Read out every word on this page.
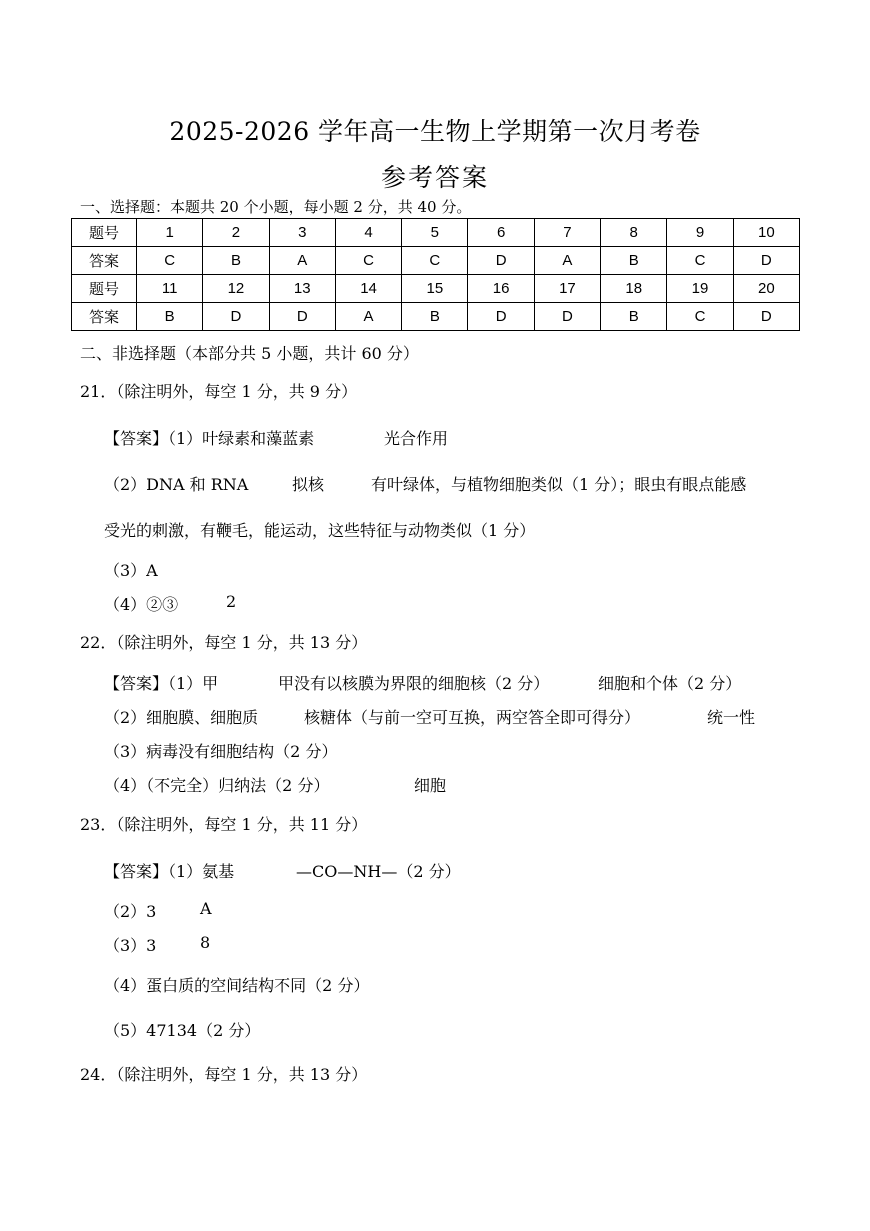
2025-2026 学年高一生物上学期第一次月考卷
参考答案
一、选择题：本题共 20 个小题，每小题 2 分，共 40 分。
题号	1	2	3	4	5	6	7	8	9	10
答案	C	B	A	C	C	D	A	B	C	D
题号	11	12	13	14	15	16	17	18	19	20
答案	B	D	D	A	B	D	D	B	C	D
二、非选择题（本部分共 5 小题，共计 60 分）
21．（除注明外，每空 1 分，共 9 分）
【答案】（1）叶绿素和藻蓝素	光合作用
（2）DNA 和 RNA	拟核	有叶绿体，与植物细胞类似（1 分）；眼虫有眼点能感
受光的刺激，有鞭毛，能运动，这些特征与动物类似（1 分）
（3）A
（4）②③	2
22．（除注明外，每空 1 分，共 13 分）
【答案】（1）甲	甲没有以核膜为界限的细胞核（2 分）	细胞和个体（2 分）
（2）细胞膜、细胞质	核糖体（与前一空可互换，两空答全即可得分）	统一性
（3）病毒没有细胞结构（2 分）
（4）（不完全）归纳法（2 分）	细胞
23．（除注明外，每空 1 分，共 11 分）
【答案】（1）氨基	—CO—NH—（2 分）
（2）3	A
（3）3	8
（4）蛋白质的空间结构不同（2 分）
（5）47134（2 分）
24．（除注明外，每空 1 分，共 13 分）
